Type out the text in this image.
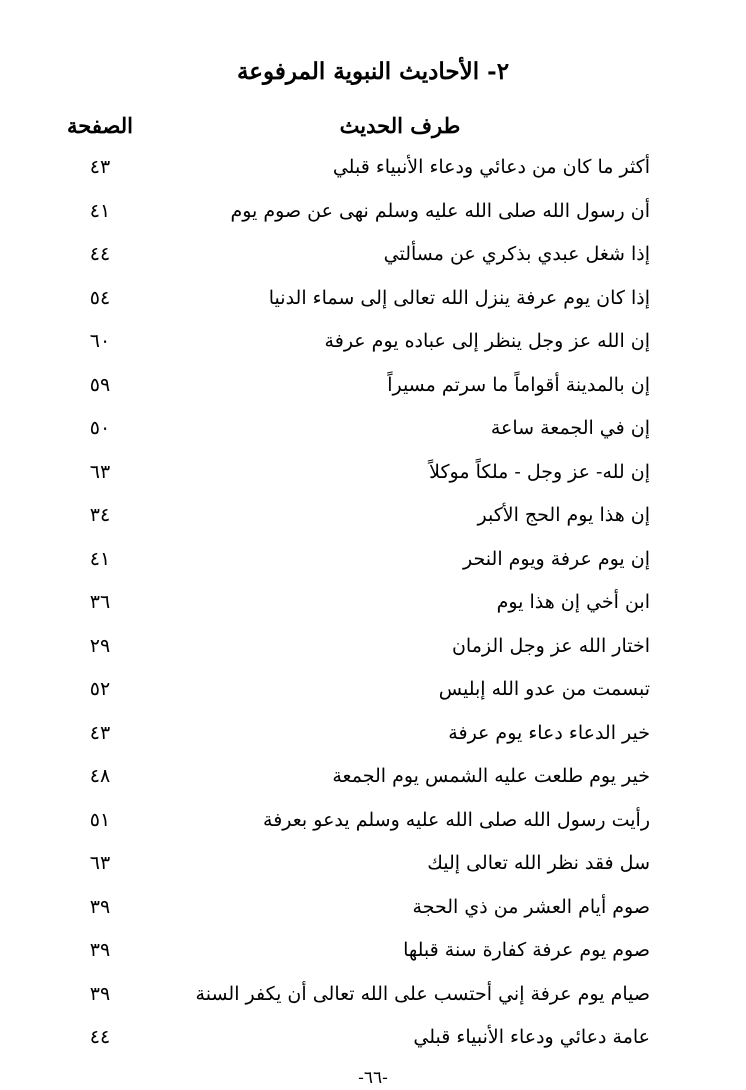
٢- الأحاديث النبوية المرفوعة
طرف الحديث
الصفحة
أكثر ما كان من دعائي ودعاء الأنبياء قبلي
٤٣
أن رسول الله صلى الله عليه وسلم نهى عن صوم يوم
٤١
إذا شغل عبدي بذكري عن مسألتي
٤٤
إذا كان يوم عرفة ينزل الله تعالى إلى سماء الدنيا
٥٤
إن الله عز وجل ينظر إلى عباده يوم عرفة
٦٠
إن بالمدينة أقواماً ما سرتم مسيراً
٥٩
إن في الجمعة ساعة
٥٠
إن لله- عز وجل - ملكاً موكلاً
٦٣
إن هذا يوم الحج الأكبر
٣٤
إن يوم عرفة ويوم النحر
٤١
ابن أخي إن هذا يوم
٣٦
اختار الله عز وجل الزمان
٢٩
تبسمت من عدو الله إبليس
٥٢
خير الدعاء دعاء يوم عرفة
٤٣
خير يوم طلعت عليه الشمس يوم الجمعة
٤٨
رأيت رسول الله صلى الله عليه وسلم يدعو بعرفة
٥١
سل فقد نظر الله تعالى إليك
٦٣
صوم أيام العشر من ذي الحجة
٣٩
صوم يوم عرفة كفارة سنة قبلها
٣٩
صيام يوم عرفة إني أحتسب على الله تعالى أن يكفر السنة
٣٩
عامة دعائي ودعاء الأنبياء قبلي
٤٤
-٦٦-
